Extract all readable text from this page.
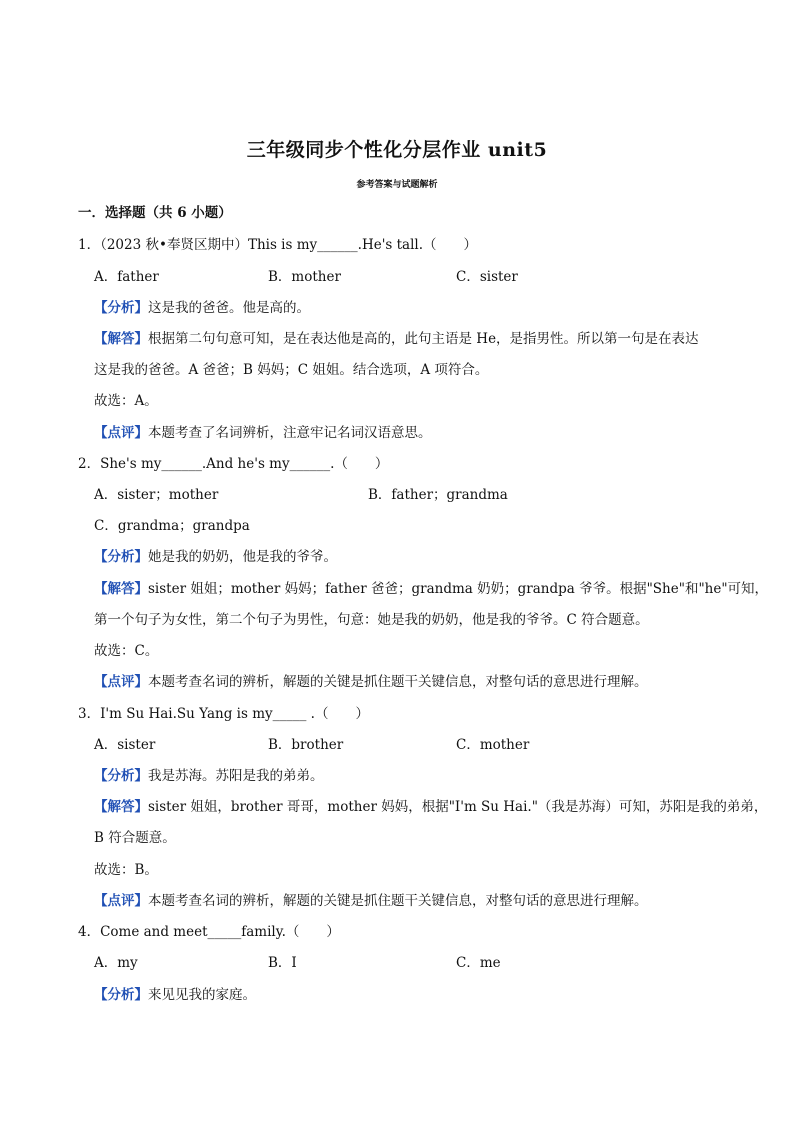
三年级同步个性化分层作业 unit5
参考答案与试题解析
一．选择题（共 6 小题）
1．（2023 秋•奉贤区期中）This is my______.He's tall.（　　）
A．father	B．mother	C．sister
【分析】这是我的爸爸。他是高的。
【解答】根据第二句句意可知，是在表达他是高的，此句主语是 He，是指男性。所以第一句是在表达
这是我的爸爸。A 爸爸；B 妈妈；C 姐姐。结合选项，A 项符合。
故选：A。
【点评】本题考查了名词辨析，注意牢记名词汉语意思。
2．She's my______.And he's my______.（　　）
A．sister；mother	B．father；grandma
C．grandma；grandpa
【分析】她是我的奶奶，他是我的爷爷。
【解答】sister 姐姐；mother 妈妈；father 爸爸；grandma 奶奶；grandpa 爷爷。根据"She"和"he"可知，
第一个句子为女性，第二个句子为男性，句意：她是我的奶奶，他是我的爷爷。C 符合题意。
故选：C。
【点评】本题考查名词的辨析，解题的关键是抓住题干关键信息，对整句话的意思进行理解。
3．I'm Su Hai.Su Yang is my_____ .（　　）
A．sister	B．brother	C．mother
【分析】我是苏海。苏阳是我的弟弟。
【解答】sister 姐姐，brother 哥哥，mother 妈妈，根据"I'm Su Hai."（我是苏海）可知，苏阳是我的弟弟，
B 符合题意。
故选：B。
【点评】本题考查名词的辨析，解题的关键是抓住题干关键信息，对整句话的意思进行理解。
4．Come and meet_____family.（　　）
A．my	B．I	C．me
【分析】来见见我的家庭。
